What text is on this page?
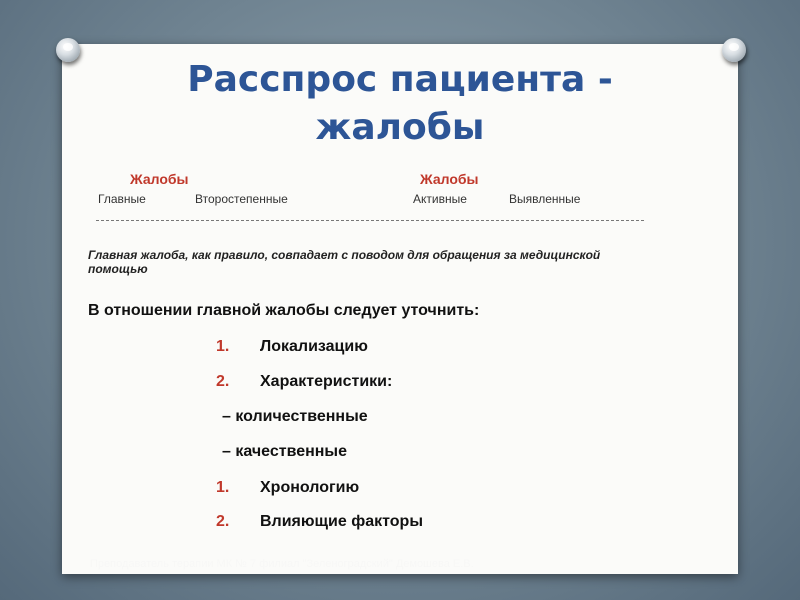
Расспрос пациента -
жалобы
Жалобы	Жалобы
Главные	Второстепенные	Активные	Выявленные
Главная жалоба, как правило, совпадает с поводом для обращения за медицинской помощью
В отношении главной жалобы следует уточнить:
1. Локализацию
2. Характеристики:
– количественные
– качественные
1. Хронологию
2. Влияющие факторы
Преподаватель терапии МК № 7 филиал "Зеленоградский" Демошева Е.В.
